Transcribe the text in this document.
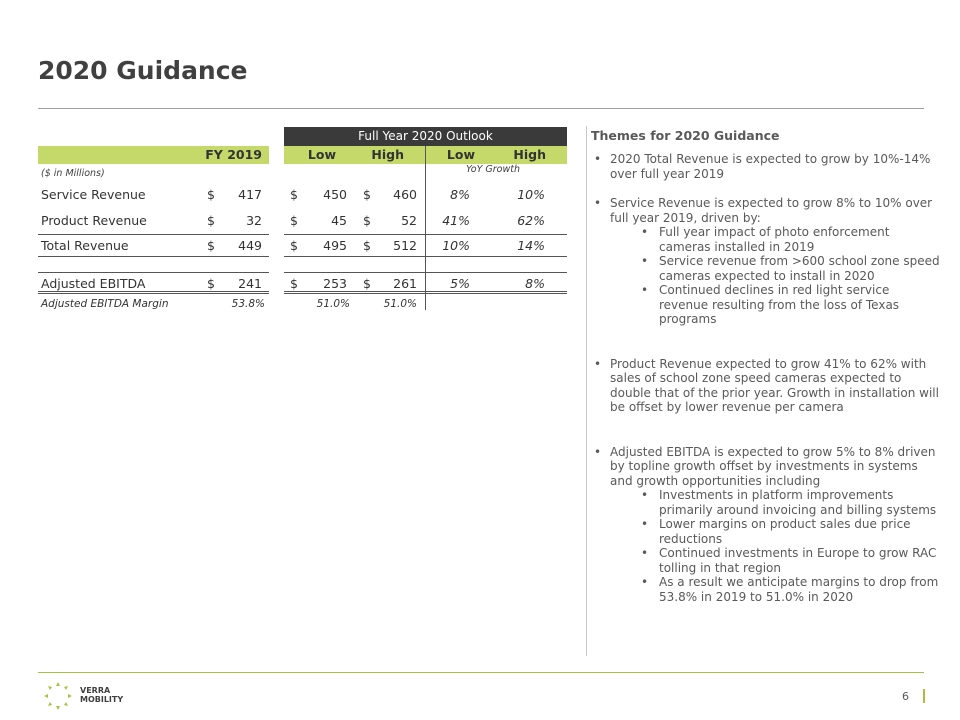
2020 Guidance
Full Year 2020 Outlook
FY 2019	Low	High	Low	High
($ in Millions)	YoY Growth
Service Revenue	$	417 $	450 $	460	8%	10%
Product Revenue	$	32 $	45 $	52	41%	62%
Total Revenue	$	449 $	495 $	512	10%	14%
Adjusted EBITDA	$	241 $	253 $	261	5%	8%
Adjusted EBITDA Margin	53.8%	51.0%	51.0%
Themes for 2020 Guidance
• 2020 Total Revenue is expected to grow by 10%-14% over full year 2019
• Service Revenue is expected to grow 8% to 10% over full year 2019, driven by:
• Full year impact of photo enforcement cameras installed in 2019
• Service revenue from >600 school zone speed cameras expected to install in 2020
• Continued declines in red light service revenue resulting from the loss of Texas programs
• Product Revenue expected to grow 41% to 62% with sales of school zone speed cameras expected to double that of the prior year. Growth in installation will be offset by lower revenue per camera
• Adjusted EBITDA is expected to grow 5% to 8% driven by topline growth offset by investments in systems and growth opportunities including
• Investments in platform improvements primarily around invoicing and billing systems
• Lower margins on product sales due price reductions
• Continued investments in Europe to grow RAC tolling in that region
• As a result we anticipate margins to drop from 53.8% in 2019 to 51.0% in 2020
VERRA
MOBILITY	6
